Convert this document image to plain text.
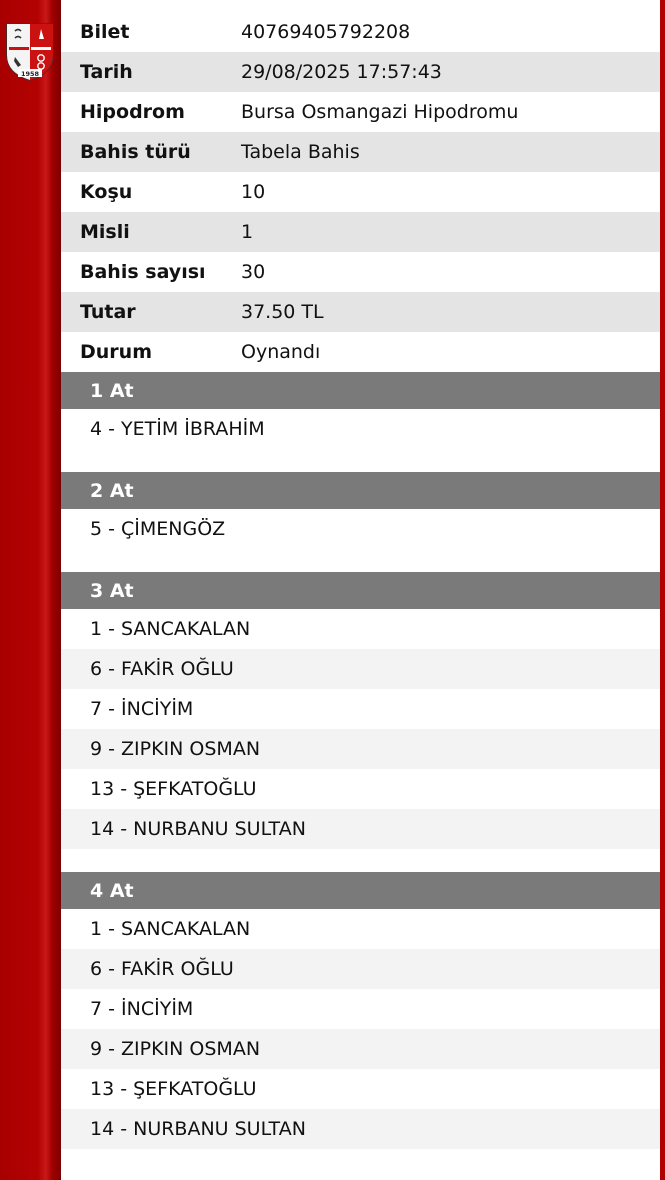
1958
Bilet	40769405792208
Tarih	29/08/2025 17:57:43
Hipodrom	Bursa Osmangazi Hipodromu
Bahis türü	Tabela Bahis
Koşu	10
Misli	1
Bahis sayısı	30
Tutar	37.50 TL
Durum	Oynandı
1 At
4 - YETİM İBRAHİM
2 At
5 - ÇİMENGÖZ
3 At
1 - SANCAKALAN
6 - FAKİR OĞLU
7 - İNCİYİM
9 - ZIPKIN OSMAN
13 - ŞEFKATOĞLU
14 - NURBANU SULTAN
4 At
1 - SANCAKALAN
6 - FAKİR OĞLU
7 - İNCİYİM
9 - ZIPKIN OSMAN
13 - ŞEFKATOĞLU
14 - NURBANU SULTAN
